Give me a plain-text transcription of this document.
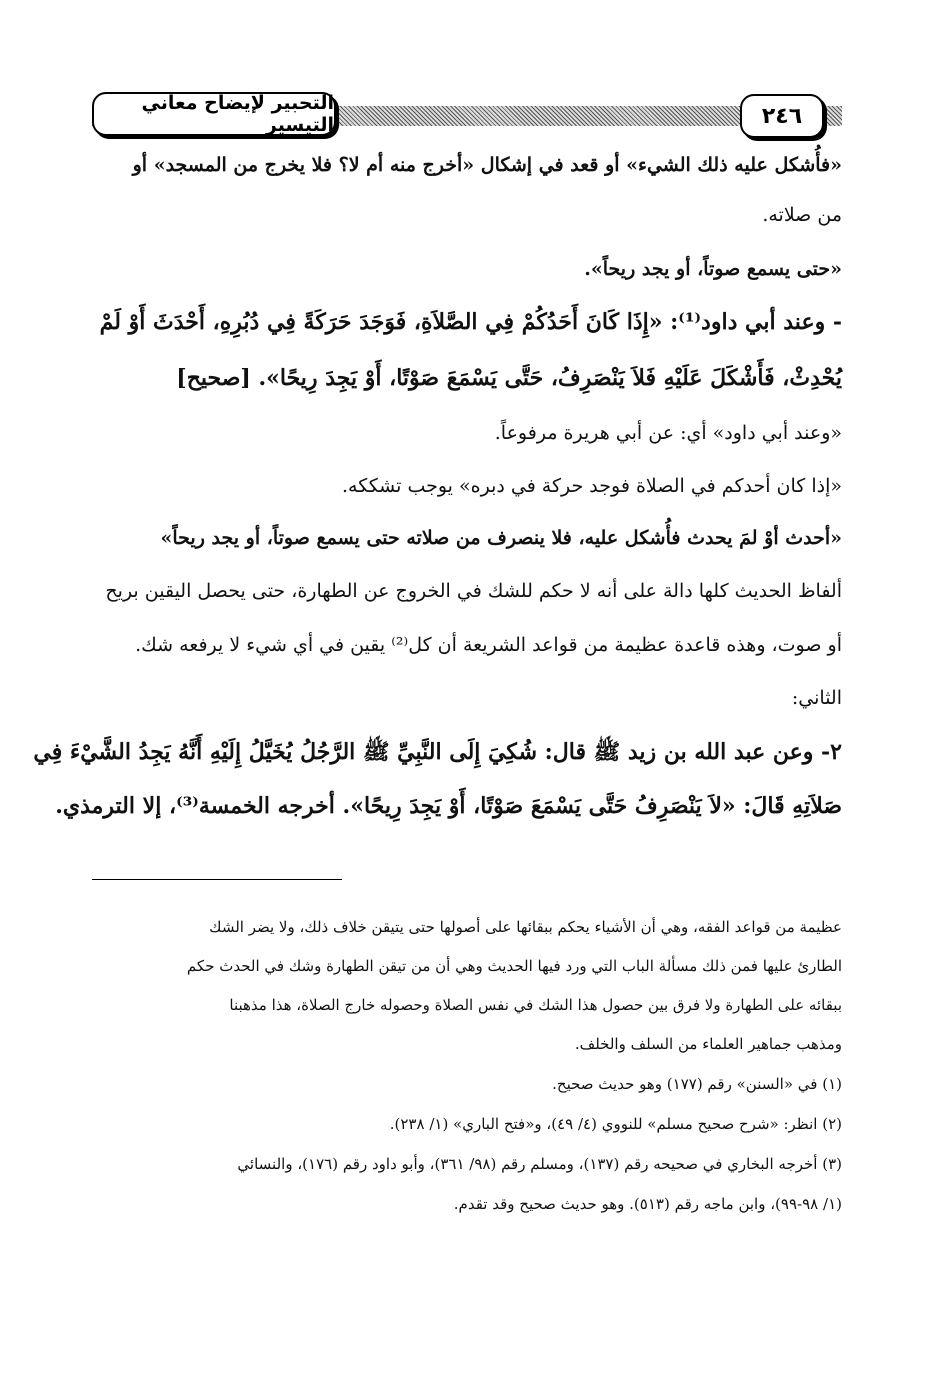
٢٤٦
التحبير لإيضاح معاني التيسير
«فأُشكل عليه ذلك الشيء» أو قعد في إشكال «أخرج منه أم لا؟ فلا يخرج من المسجد» أو
من صلاته.
«حتى يسمع صوتاً، أو يجد ريحاً».
- وعند أبي داود⁽¹⁾: «إِذَا كَانَ أَحَدُكُمْ فِي الصَّلاَةِ، فَوَجَدَ حَرَكَةً فِي دُبُرِهِ، أَحْدَثَ أَوْ لَمْ
يُحْدِثْ، فَأَشْكَلَ عَلَيْهِ فَلاَ يَنْصَرِفُ، حَتَّى يَسْمَعَ صَوْتًا، أَوْ يَجِدَ رِيحًا». [صحيح]
«وعند أبي داود» أي: عن أبي هريرة مرفوعاً.
«إذا كان أحدكم في الصلاة فوجد حركة في دبره» يوجب تشككه.
«أحدث أوْ لمَ يحدث فأُشكل عليه، فلا ينصرف من صلاته حتى يسمع صوتاً، أو يجد ريحاً»
ألفاظ الحديث كلها دالة على أنه لا حكم للشك في الخروج عن الطهارة، حتى يحصل اليقين بريح
أو صوت، وهذه قاعدة عظيمة من قواعد الشريعة أن كل⁽²⁾ يقين في أي شيء لا يرفعه شك.
الثاني:
٢- وعن عبد الله بن زيد ﷺ قال: شُكِيَ إِلَى النَّبِيِّ ﷺ الرَّجُلُ يُخَيَّلُ إِلَيْهِ أَنَّهُ يَجِدُ الشَّيْءَ فِي
صَلاَتِهِ قَالَ: «لاَ يَنْصَرِفُ حَتَّى يَسْمَعَ صَوْتًا، أَوْ يَجِدَ رِيحًا». أخرجه الخمسة⁽³⁾، إلا الترمذي.
عظيمة من قواعد الفقه، وهي أن الأشياء يحكم ببقائها على أصولها حتى يتيقن خلاف ذلك، ولا يضر الشك
الطارئ عليها فمن ذلك مسألة الباب التي ورد فيها الحديث وهي أن من تيقن الطهارة وشك في الحدث حكم
ببقائه على الطهارة ولا فرق بين حصول هذا الشك في نفس الصلاة وحصوله خارج الصلاة، هذا مذهبنا
ومذهب جماهير العلماء من السلف والخلف.
(١) في «السنن» رقم (١٧٧) وهو حديث صحيح.
(٢) انظر: «شرح صحيح مسلم» للنووي (٤/ ٤٩)، و«فتح الباري» (١/ ٢٣٨).
(٣) أخرجه البخاري في صحيحه رقم (١٣٧)، ومسلم رقم (٩٨/ ٣٦١)، وأبو داود رقم (١٧٦)، والنسائي
(١/ ٩٨-٩٩)، وابن ماجه رقم (٥١٣). وهو حديث صحيح وقد تقدم.
